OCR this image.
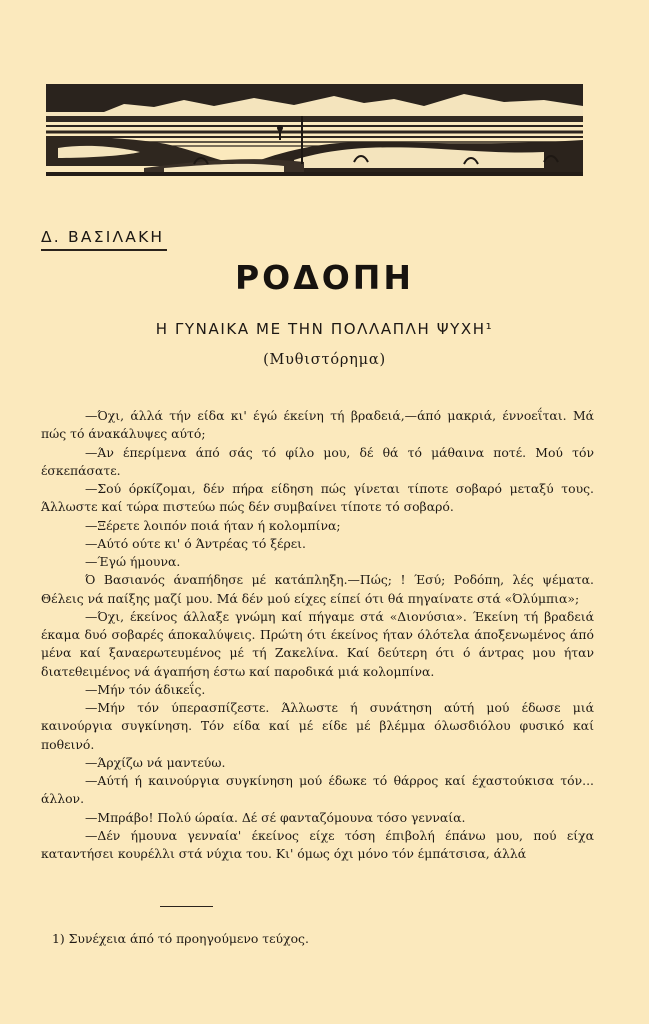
Δ. ΒΑΣΙΛΑΚΗ
ΡΟΔΟΠΗ
Η ΓΥΝΑΙΚΑ ΜΕ ΤΗΝ ΠΟΛΛΑΠΛΗ ΨΥΧΗ¹
(Μυθιστόρημα)

—Όχι, άλλά τήν είδα κι' έγώ έκείνη τή βραδειά,—άπό μακριά, έννοεΐται. Μά πώς τό άνακάλυψες αύτό;

—Άν έπερίμενα άπό σάς τό φίλο μου, δέ θά τό μάθαινα ποτέ. Μού τόν έσκεπάσατε.

—Σού όρκίζομαι, δέν πήρα είδηση πώς γίνεται τίποτε σοβαρό μεταξύ τους. Άλλωστε καί τώρα πιστεύω πώς δέν συμβαίνει τίποτε τό σοβαρό.

—Ξέρετε λοιπόν ποιά ήταν ή κολομπίνα;

—Αύτό ούτε κι' ό Άντρέας τό ξέρει.

—Έγώ ήμουνα.

Ό Βασιανός άναπήδησε μέ κατάπληξη.—Πώς; ! Έσύ; Ροδόπη, λές ψέματα. Θέλεις νά παίξης μαζί μου. Μά δέν μού είχες είπεί ότι θά πηγαίνατε στά «Όλύμπια»;

—Όχι, έκείνος άλλαξε γνώμη καί πήγαμε στά «Διονύσια». Έκείνη τή βραδειά έκαμα δυό σοβαρές άποκαλύψεις. Πρώτη ότι έκείνος ήταν όλότελα άποξενωμένος άπό μένα καί ξαναερωτευμένος μέ τή Ζακελίνα. Καί δεύτερη ότι ό άντρας μου ήταν διατεθειμένος νά άγαπήση έστω καί παροδικά μιά κολομπίνα.

—Μήν τόν άδικεΐς.

—Μήν τόν ύπερασπίζεστε. Άλλωστε ή συνάτηση αύτή μού έδωσε μιά καινούργια συγκίνηση. Τόν είδα καί μέ είδε μέ βλέμμα όλωσδιόλου φυσικό καί ποθεινό.

—Άρχίζω νά μαντεύω.

—Αύτή ή καινούργια συγκίνηση μού έδωκε τό θάρρος καί έχαστούκισα τόν... άλλον.

—Μπράβο! Πολύ ώραία. Δέ σέ φανταζόμουνα τόσο γενναία.

—Δέν ήμουνα γενναία' έκείνος είχε τόση έπιβολή έπάνω μου, πού είχα καταντήσει κουρέλλι στά νύχια του. Κι' όμως όχι μόνο τόν έμπάτσισα, άλλά

1) Συνέχεια άπό τό προηγούμενο τεύχος.
